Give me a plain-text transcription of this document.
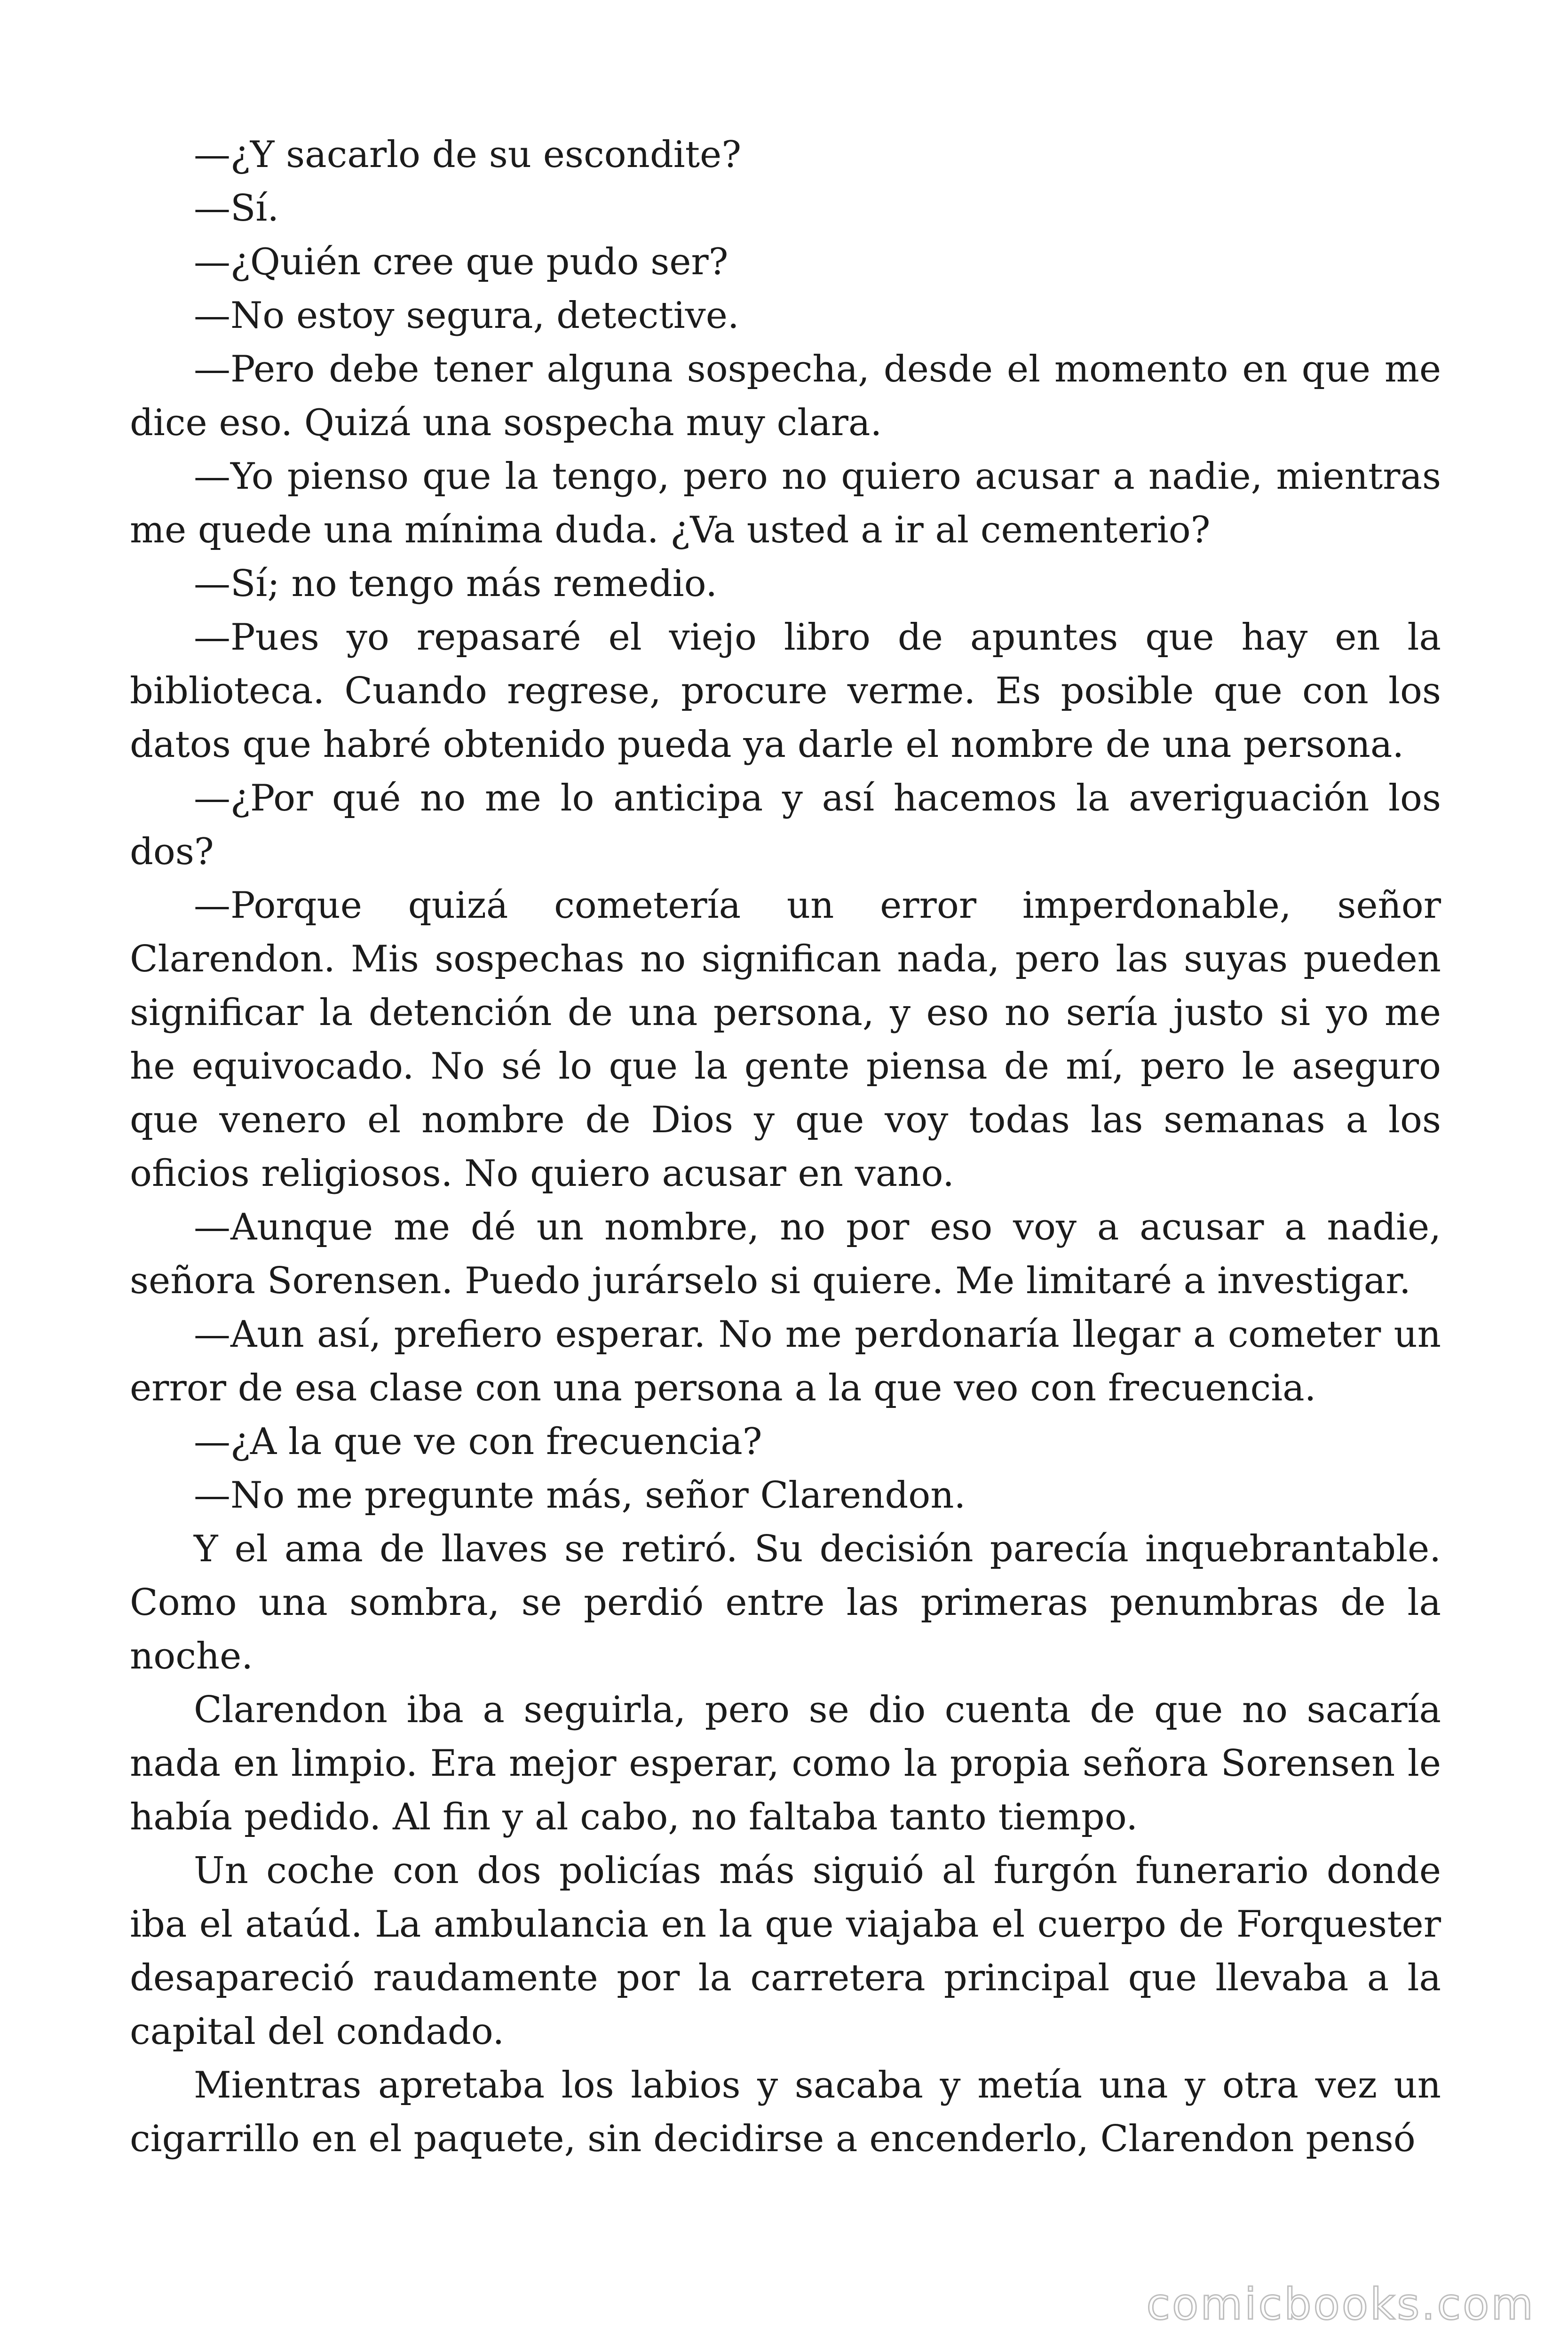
—¿Y sacarlo de su escondite?

—Sí.

—¿Quién cree que pudo ser?

—No estoy segura, detective.

—Pero debe tener alguna sospecha, desde el momento en que me dice eso. Quizá una sospecha muy clara.

—Yo pienso que la tengo, pero no quiero acusar a nadie, mientras me quede una mínima duda. ¿Va usted a ir al cementerio?

—Sí; no tengo más remedio.

—Pues yo repasaré el viejo libro de apuntes que hay en la biblioteca. Cuando regrese, procure verme. Es posible que con los datos que habré obtenido pueda ya darle el nombre de una persona.

—¿Por qué no me lo anticipa y así hacemos la averiguación los dos?

—Porque quizá cometería un error imperdonable, señor Clarendon. Mis sospechas no significan nada, pero las suyas pueden significar la detención de una persona, y eso no sería justo si yo me he equivocado. No sé lo que la gente piensa de mí, pero le aseguro que venero el nombre de Dios y que voy todas las semanas a los oficios religiosos. No quiero acusar en vano.

—Aunque me dé un nombre, no por eso voy a acusar a nadie, señora Sorensen. Puedo jurárselo si quiere. Me limitaré a investigar.

—Aun así, prefiero esperar. No me perdonaría llegar a cometer un error de esa clase con una persona a la que veo con frecuencia.

—¿A la que ve con frecuencia?

—No me pregunte más, señor Clarendon.

Y el ama de llaves se retiró. Su decisión parecía inquebrantable. Como una sombra, se perdió entre las primeras penumbras de la noche.

Clarendon iba a seguirla, pero se dio cuenta de que no sacaría nada en limpio. Era mejor esperar, como la propia señora Sorensen le había pedido. Al fin y al cabo, no faltaba tanto tiempo.

Un coche con dos policías más siguió al furgón funerario donde iba el ataúd. La ambulancia en la que viajaba el cuerpo de Forquester desapareció raudamente por la carretera principal que llevaba a la capital del condado.

Mientras apretaba los labios y sacaba y metía una y otra vez un cigarrillo en el paquete, sin decidirse a encenderlo, Clarendon pensó

comicbooks.com
